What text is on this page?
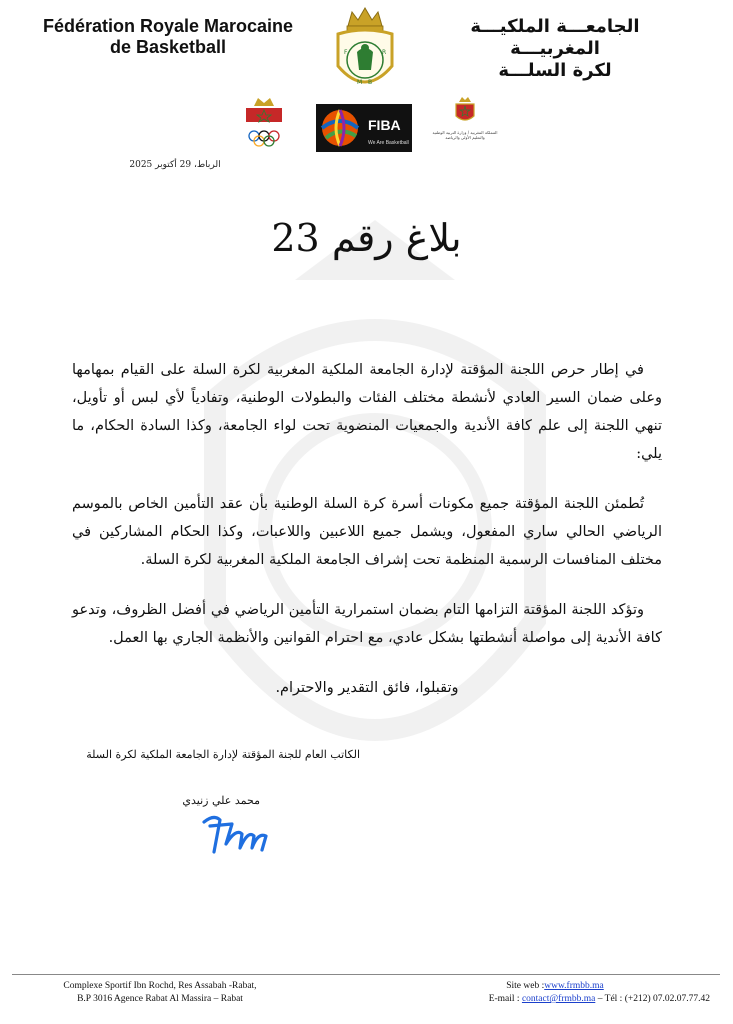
Fédération Royale Marocaine
de Basketball
الجامعـــة الملكيـــة المغربيـــة
لكرة السلـــة
F	R
M B
FIBA
We Are Basketball
المملكة المغربية / وزارة التربية الوطنية والتعليم الأولي والرياضة
الرباط، 29 أكتوبر 2025
بلاغ رقم 23

في إطار حرص اللجنة المؤقتة لإدارة الجامعة الملكية المغربية لكرة السلة على القيام بمهامها وعلى ضمان السير العادي لأنشطة مختلف الفئات والبطولات الوطنية، وتفادياً لأي لبس أو تأويل، تنهي اللجنة إلى علم كافة الأندية والجمعيات المنضوية تحت لواء الجامعة، وكذا السادة الحكام، ما يلي:

تُطمئن اللجنة المؤقتة جميع مكونات أسرة كرة السلة الوطنية بأن عقد التأمين الخاص بالموسم الرياضي الحالي ساري المفعول، ويشمل جميع اللاعبين واللاعبات، وكذا الحكام المشاركين في مختلف المنافسات الرسمية المنظمة تحت إشراف الجامعة الملكية المغربية لكرة السلة.

وتؤكد اللجنة المؤقتة التزامها التام بضمان استمرارية التأمين الرياضي في أفضل الظروف، وتدعو كافة الأندية إلى مواصلة أنشطتها بشكل عادي، مع احترام القوانين والأنظمة الجاري بها العمل.

وتقبلوا، فائق التقدير والاحترام.

الكاتب العام للجنة المؤقتة لإدارة الجامعة الملكية لكرة السلة
محمد علي زنيدي
Complexe Sportif Ibn Rochd, Res Assabah -Rabat,
B.P 3016 Agence Rabat Al Massira – Rabat
Site web :www.frmbb.ma
E-mail : contact@frmbb.ma – Tél : (+212) 07.02.07.77.42
